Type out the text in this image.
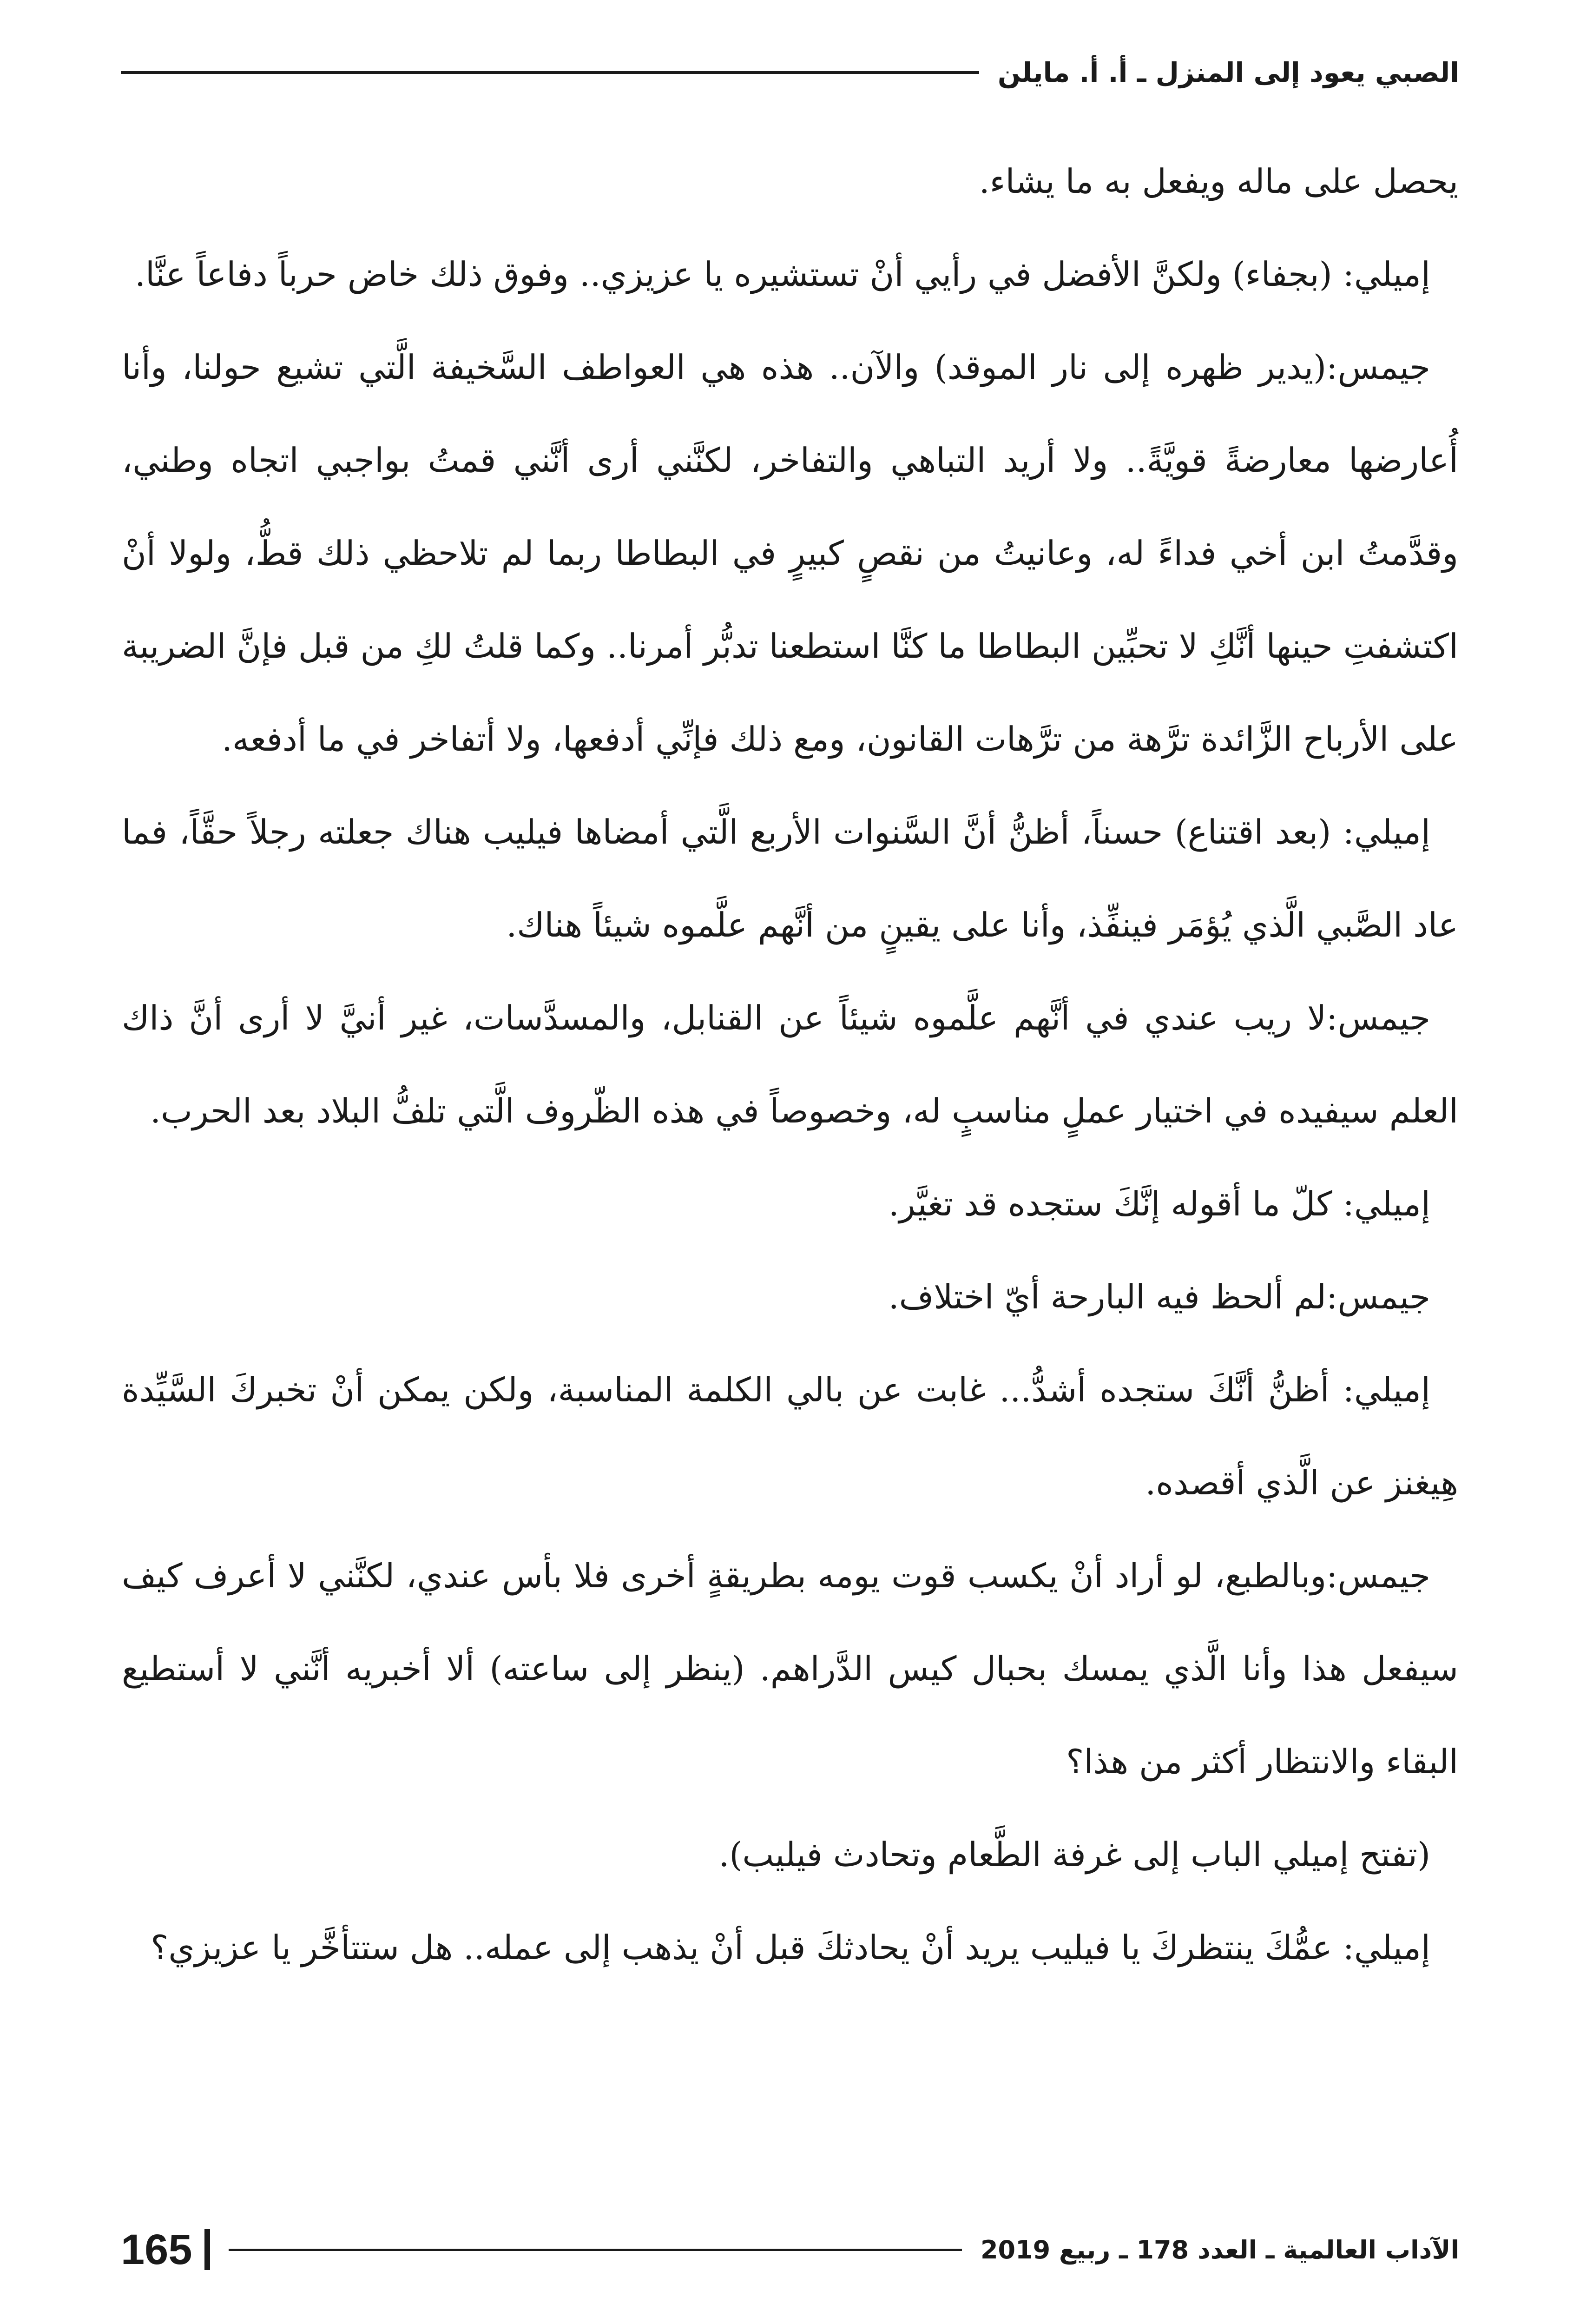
الصبي يعود إلى المنزل ـ أ. أ. مايلن

يحصل على ماله ويفعل به ما يشاء.

إميلي: (بجفاء) ولكنَّ الأفضل في رأيي أنْ تستشيره يا عزيزي.. وفوق ذلك خاض حرباً دفاعاً عنَّا.

جيمس:(يدير ظهره إلى نار الموقد) والآن.. هذه هي العواطف السَّخيفة الَّتي تشيع حولنا، وأنا أُعارضها معارضةً قويَّةً.. ولا أريد التباهي والتفاخر، لكنَّني أرى أنَّني قمتُ بواجبي اتجاه وطني، وقدَّمتُ ابن أخي فداءً له، وعانيتُ من نقصٍ كبيرٍ في البطاطا ربما لم تلاحظي ذلك قطُّ، ولولا أنْ اكتشفتِ حينها أنَّكِ لا تحبِّين البطاطا ما كنَّا استطعنا تدبُّر أمرنا.. وكما قلتُ لكِ من قبل فإنَّ الضريبة على الأرباح الزَّائدة ترَّهة من ترَّهات القانون، ومع ذلك فإنِّي أدفعها، ولا أتفاخر في ما أدفعه.

إميلي: (بعد اقتناع) حسناً، أظنُّ أنَّ السَّنوات الأربع الَّتي أمضاها فيليب هناك جعلته رجلاً حقَّاً، فما عاد الصَّبي الَّذي يُؤمَر فينفِّذ، وأنا على يقينٍ من أنَّهم علَّموه شيئاً هناك.

جيمس:لا ريب عندي في أنَّهم علَّموه شيئاً عن القنابل، والمسدَّسات، غير أنيَّ لا أرى أنَّ ذاك العلم سيفيده في اختيار عملٍ مناسبٍ له، وخصوصاً في هذه الظّروف الَّتي تلفُّ البلاد بعد الحرب.

إميلي: كلّ ما أقوله إنَّكَ ستجده قد تغيَّر.

جيمس:لم ألحظ فيه البارحة أيّ اختلاف.

إميلي: أظنُّ أنَّكَ ستجده أشدُّ... غابت عن بالي الكلمة المناسبة، ولكن يمكن أنْ تخبركَ السَّيِّدة هِيغنز عن الَّذي أقصده.

جيمس:وبالطبع، لو أراد أنْ يكسب قوت يومه بطريقةٍ أخرى فلا بأس عندي، لكنَّني لا أعرف كيف سيفعل هذا وأنا الَّذي يمسك بحبال كيس الدَّراهم. (ينظر إلى ساعته) ألا أخبريه أنَّني لا أستطيع البقاء والانتظار أكثر من هذا؟

(تفتح إميلي الباب إلى غرفة الطَّعام وتحادث فيليب).

إميلي: عمُّكَ ينتظركَ يا فيليب يريد أنْ يحادثكَ قبل أنْ يذهب إلى عمله.. هل ستتأخَّر يا عزيزي؟

الآداب العالمية ـ العدد 178 ـ ربيع 2019
165
